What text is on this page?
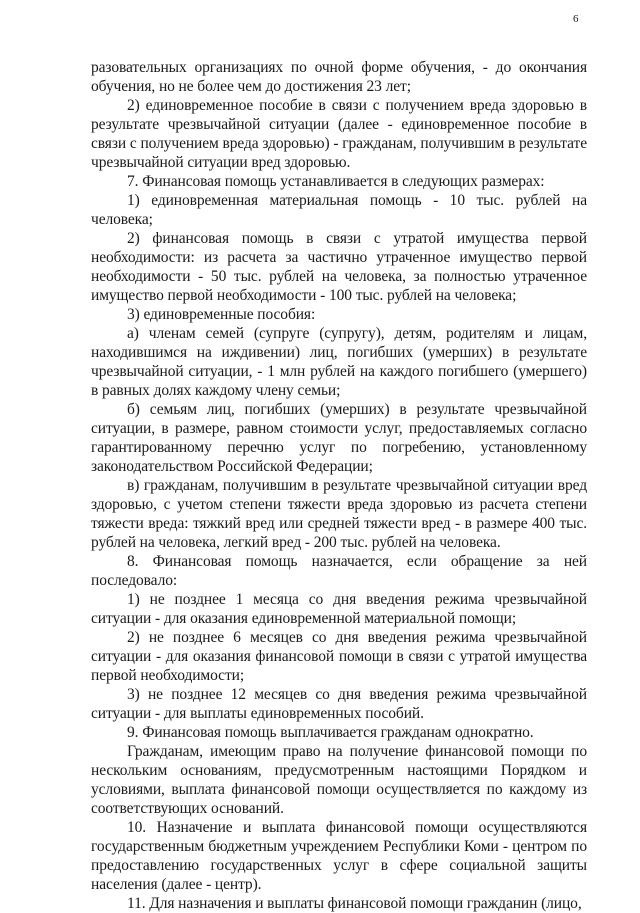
6

разовательных организациях по очной форме обучения, - до окончания обучения, но не более чем до достижения 23 лет;

2) единовременное пособие в связи с получением вреда здоровью в результате чрезвычайной ситуации (далее - единовременное пособие в связи с получением вреда здоровью) - гражданам, получившим в результате чрезвычайной ситуации вред здоровью.

7. Финансовая помощь устанавливается в следующих размерах:

1) единовременная материальная помощь - 10 тыс. рублей на человека;

2) финансовая помощь в связи с утратой имущества первой необходимости: из расчета за частично утраченное имущество первой необходимости - 50 тыс. рублей на человека, за полностью утраченное имущество первой необходимости - 100 тыс. рублей на человека;

3) единовременные пособия:

а) членам семей (супруге (супругу), детям, родителям и лицам, находившимся на иждивении) лиц, погибших (умерших) в результате чрезвычайной ситуации, - 1 млн рублей на каждого погибшего (умершего) в равных долях каждому члену семьи;

б) семьям лиц, погибших (умерших) в результате чрезвычайной ситуации, в размере, равном стоимости услуг, предоставляемых согласно гарантированному перечню услуг по погребению, установленному законодательством Российской Федерации;

в) гражданам, получившим в результате чрезвычайной ситуации вред здоровью, с учетом степени тяжести вреда здоровью из расчета степени тяжести вреда: тяжкий вред или средней тяжести вред - в размере 400 тыс. рублей на человека, легкий вред - 200 тыс. рублей на человека.

8. Финансовая помощь назначается, если обращение за ней последовало:

1) не позднее 1 месяца со дня введения режима чрезвычайной ситуации - для оказания единовременной материальной помощи;

2) не позднее 6 месяцев со дня введения режима чрезвычайной ситуации - для оказания финансовой помощи в связи с утратой имущества первой необходимости;

3) не позднее 12 месяцев со дня введения режима чрезвычайной ситуации - для выплаты единовременных пособий.

9. Финансовая помощь выплачивается гражданам однократно.

Гражданам, имеющим право на получение финансовой помощи по нескольким основаниям, предусмотренным настоящими Порядком и условиями, выплата финансовой помощи осуществляется по каждому из соответствующих оснований.

10. Назначение и выплата финансовой помощи осуществляются государственным бюджетным учреждением Республики Коми - центром по предоставлению государственных услуг в сфере социальной защиты населения (далее - центр).

11. Для назначения и выплаты финансовой помощи гражданин (лицо,
